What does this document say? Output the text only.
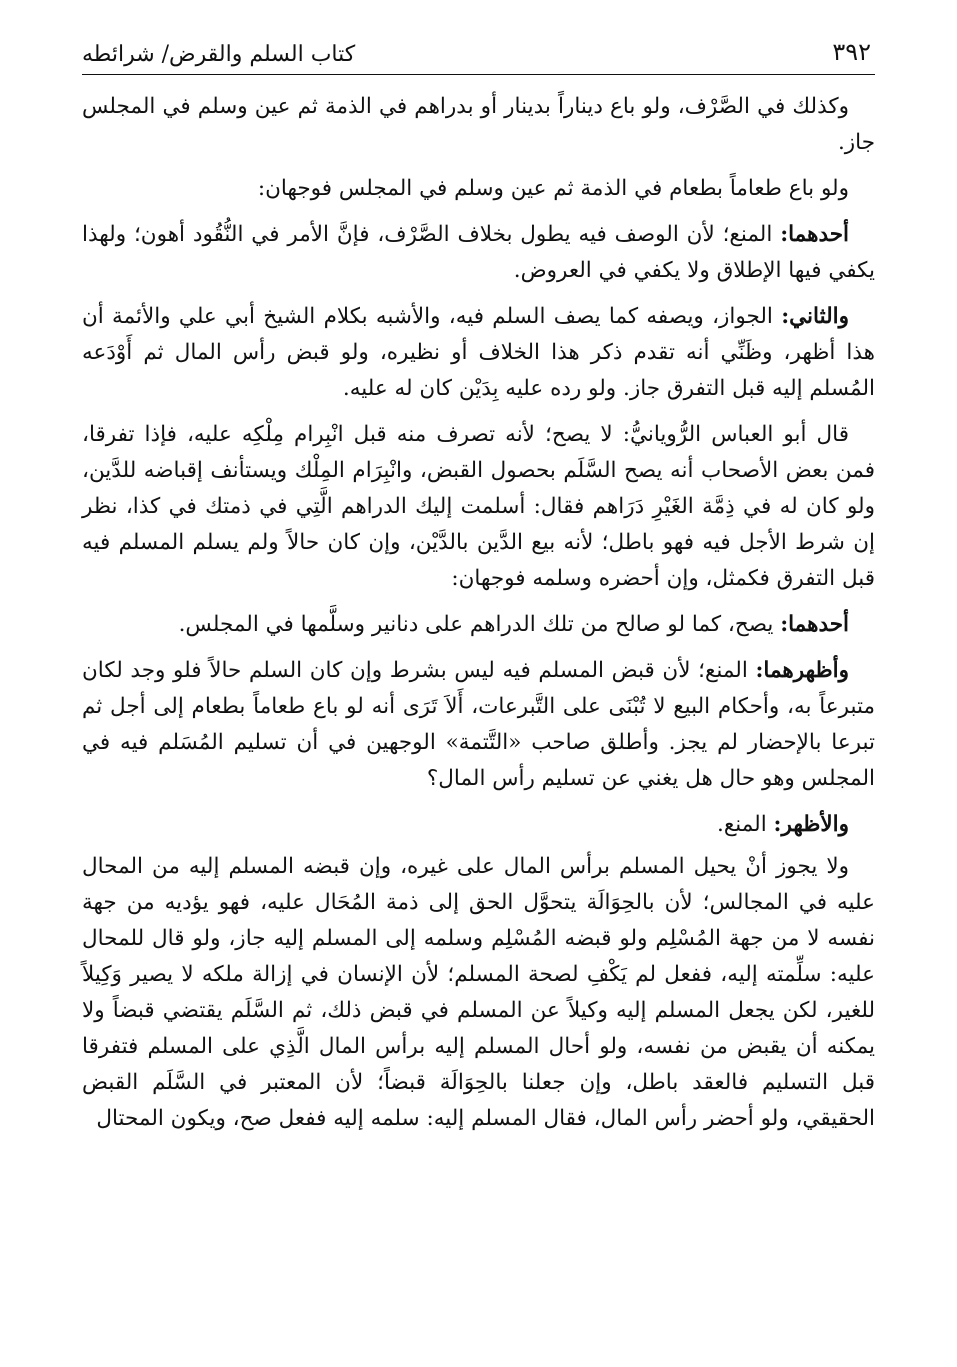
كتاب السلم والقرض/ شرائطه	٣٩٢

وكذلك في الصَّرْف، ولو باع ديناراً بدينار أو بدراهم في الذمة ثم عين وسلم في المجلس جاز.

ولو باع طعاماً بطعام في الذمة ثم عين وسلم في المجلس فوجهان:

أحدهما: المنع؛ لأن الوصف فيه يطول بخلاف الصَّرْف، فإنَّ الأمر في النُّقُود أهون؛ ولهذا يكفي فيها الإطلاق ولا يكفي في العروض.

والثاني: الجواز، ويصفه كما يصف السلم فيه، والأشبه بكلام الشيخ أبي علي والأئمة أن هذا أظهر، وظَنِّي أنه تقدم ذكر هذا الخلاف أو نظيره، ولو قبض رأس المال ثم أَوْدَعه المُسلم إليه قبل التفرق جاز. ولو رده عليه بِدَيْن كان له عليه.

قال أبو العباس الرُّويانيُّ: لا يصح؛ لأنه تصرف منه قبل انْبِرام مِلْكِه عليه، فإذا تفرقا، فمن بعض الأصحاب أنه يصح السَّلَم بحصول القبض، وانْبِرَام المِلْك ويستأنف إقباضه للدَّين، ولو كان له في ذِمَّة الغَيْرِ دَرَاهم فقال: أسلمت إليك الدراهم الَّتِي في ذمتك في كذا، نظر إن شرط الأجل فيه فهو باطل؛ لأنه بيع الدَّين بالدَّيْن، وإن كان حالاً ولم يسلم المسلم فيه قبل التفرق فكمثل، وإن أحضره وسلمه فوجهان:

أحدهما: يصح، كما لو صالح من تلك الدراهم على دنانير وسلَّمها في المجلس.

وأظهرهما: المنع؛ لأن قبض المسلم فيه ليس بشرط وإن كان السلم حالاً فلو وجد لكان متبرعاً به، وأحكام البيع لا تُبْنَى على التَّبرعات، أَلاَ تَرَى أنه لو باع طعاماً بطعام إلى أجل ثم تبرعا بالإحضار لم يجز. وأطلق صاحب «التَّتمة» الوجهين في أن تسليم المُسَلم فيه في المجلس وهو حال هل يغني عن تسليم رأس المال؟

والأظهر: المنع.

ولا يجوز أنْ يحيل المسلم برأس المال على غيره، وإن قبضه المسلم إليه من المحال عليه في المجالس؛ لأن بالحِوَالَة يتحوَّل الحق إلى ذمة المُحَال عليه، فهو يؤديه من جهة نفسه لا من جهة المُسْلِم ولو قبضه المُسْلِم وسلمه إلى المسلم إليه جاز، ولو قال للمحال عليه: سلِّمته إليه، ففعل لم يَكْفِ لصحة المسلم؛ لأن الإنسان في إزالة ملكه لا يصير وَكِيلاً للغير، لكن يجعل المسلم إليه وكيلاً عن المسلم في قبض ذلك، ثم السَّلَم يقتضي قبضاً ولا يمكنه أن يقبض من نفسه، ولو أحال المسلم إليه برأس المال الَّذِي على المسلم فتفرقا قبل التسليم فالعقد باطل، وإن جعلنا بالحِوَالَة قبضاً؛ لأن المعتبر في السَّلَم القبض الحقيقي، ولو أحضر رأس المال، فقال المسلم إليه: سلمه إليه ففعل صح، ويكون المحتال
